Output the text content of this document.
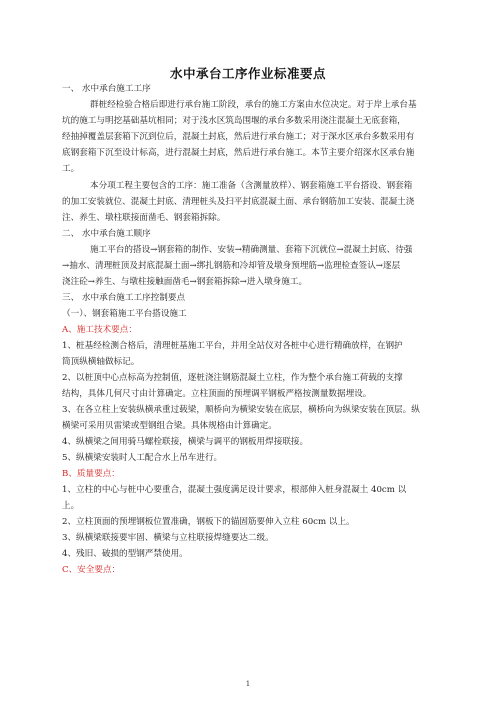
水中承台工序作业标准要点
一、 水中承台施工工序
群桩经检验合格后即进行承台施工阶段，承台的施工方案由水位决定。对于岸上承台基
坑的施工与明挖基础基坑相同；对于浅水区筑岛围堰的承台多数采用浇注混凝土无底套箱，
经抽掉覆盖层套箱下沉到位后，混凝土封底，然后进行承台施工；对于深水区承台多数采用有
底钢套箱下沉至设计标高，进行混凝土封底，然后进行承台施工。本节主要介绍深水区承台施
工。
本分项工程主要包含的工序：施工准备（含测量放样）、钢套箱施工平台搭设、钢套箱
的加工安装就位、混凝土封底、清理桩头及扫平封底混凝土面、承台钢筋加工安装、混凝土浇
注、养生、墩柱联接面凿毛、钢套箱拆除。
二、 水中承台施工顺序
施工平台的搭设→钢套箱的制作、安装→精确测量、套箱下沉就位→混凝土封底、待强
→抽水、清理桩顶及封底混凝土面→绑扎钢筋和冷却管及墩身预埋筋→监理检查签认→逐层
浇注砼→养生、与墩柱接触面凿毛→钢套箱拆除→进入墩身施工。
三、 水中承台施工工序控制要点
（一）、钢套箱施工平台搭设施工
A、施工技术要点：
1、桩基经检测合格后，清理桩基施工平台，并用全站仪对各桩中心进行精确放样，在钢护
筒顶纵横轴做标记。
2、以桩顶中心点标高为控制值，逐桩浇注钢筋混凝土立柱，作为整个承台施工荷载的支撑
结构，具体几何尺寸由计算确定。立柱顶面的预埋调平钢板严格按测量数据埋设。
3、在各立柱上安装纵横承重过载梁，顺桥向为横梁安装在底层，横桥向为纵梁安装在顶层。纵
横梁可采用贝雷梁或型钢组合梁。具体规格由计算确定。
4、纵横梁之间用骑马螺栓联接，横梁与调平的钢板用焊接联接。
5、纵横梁安装时人工配合水上吊车进行。
B、质量要点：
1、立柱的中心与桩中心要重合，混凝土强度满足设计要求，根部伸入桩身混凝土 40cm 以
上。
2、立柱顶面的预埋钢板位置准确，钢板下的锚固筋要伸入立柱 60cm 以上。
3、纵横梁联接要牢固、横梁与立柱联接焊缝要达二级。
4、残旧、破损的型钢严禁使用。
C、安全要点：
1
